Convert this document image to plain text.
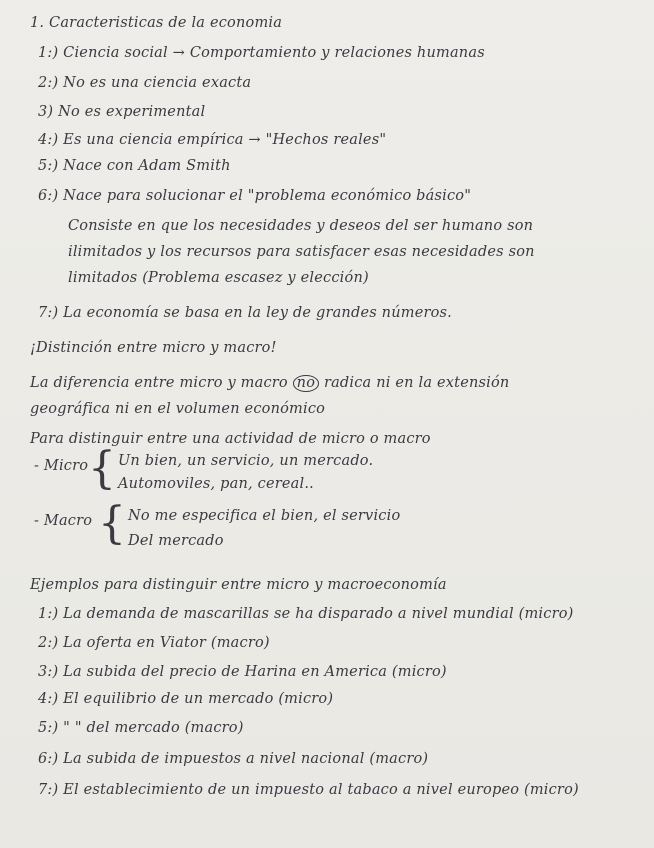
1. Caracteristicas de la economia
1:) Ciencia social → Comportamiento y relaciones humanas
2:) No es una ciencia exacta
3) No es experimental
4:) Es una ciencia empírica → "Hechos reales"
5:) Nace con Adam Smith
6:) Nace para solucionar el "problema económico básico"
Consiste en que los necesidades y deseos del ser humano son
ilimitados y los recursos para satisfacer esas necesidades son
limitados (Problema escasez y elección)
7:) La economía se basa en la ley de grandes números.
¡Distinción entre micro y macro!
La diferencia entre micro y macro no radica ni en la extensión
geográfica ni en el volumen económico
Para distinguir entre una actividad de micro o macro
- Micro { Un bien, un servicio, un mercado.
Automoviles, pan, cereal..
- Macro { No me especifica el bien, el servicio
Del mercado
Ejemplos para distinguir entre micro y macroeconomía
1:) La demanda de mascarillas se ha disparado a nivel mundial (micro)
2:) La oferta en Viator (macro)
3:) La subida del precio de Harina en America (micro)
4:) El equilibrio de un mercado (micro)
5:) " " del mercado (macro)
6:) La subida de impuestos a nivel nacional (macro)
7:) El establecimiento de un impuesto al tabaco a nivel europeo (micro)
